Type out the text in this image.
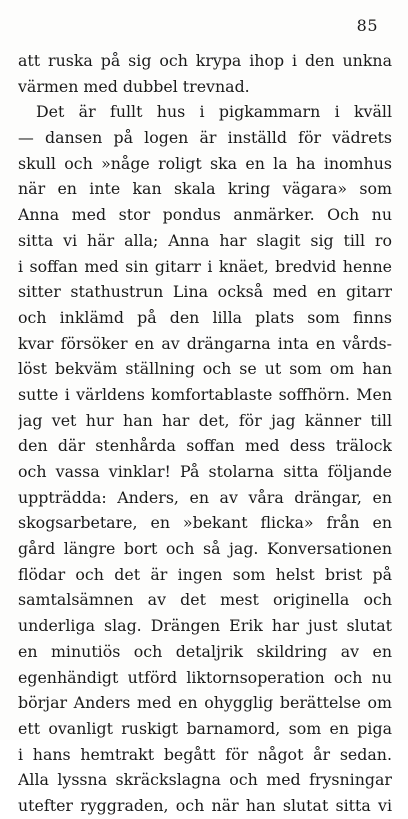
85
att ruska på sig och krypa ihop i den unkna
värmen med dubbel trevnad.
Det är fullt hus i pigkammarn i kväll
— dansen på logen är inställd för vädrets
skull och »någe roligt ska en la ha inomhus
när en inte kan skala kring vägara» som
Anna med stor pondus anmärker. Och nu
sitta vi här alla; Anna har slagit sig till ro
i soffan med sin gitarr i knäet, bredvid henne
sitter stathustrun Lina också med en gitarr
och inklämd på den lilla plats som finns
kvar försöker en av drängarna inta en vårds-
löst bekväm ställning och se ut som om han
sutte i världens komfortablaste soffhörn. Men
jag vet hur han har det, för jag känner till
den där stenhårda soffan med dess trälock
och vassa vinklar! På stolarna sitta följande
uppträdda: Anders, en av våra drängar, en
skogsarbetare, en »bekant flicka» från en
gård längre bort och så jag. Konversationen
flödar och det är ingen som helst brist på
samtalsämnen av det mest originella och
underliga slag. Drängen Erik har just slutat
en minutiös och detaljrik skildring av en
egenhändigt utförd liktornsoperation och nu
börjar Anders med en ohygglig berättelse om
ett ovanligt ruskigt barnamord, som en piga
i hans hemtrakt begått för något år sedan.
Alla lyssna skräckslagna och med frysningar
utefter ryggraden, och när han slutat sitta vi
